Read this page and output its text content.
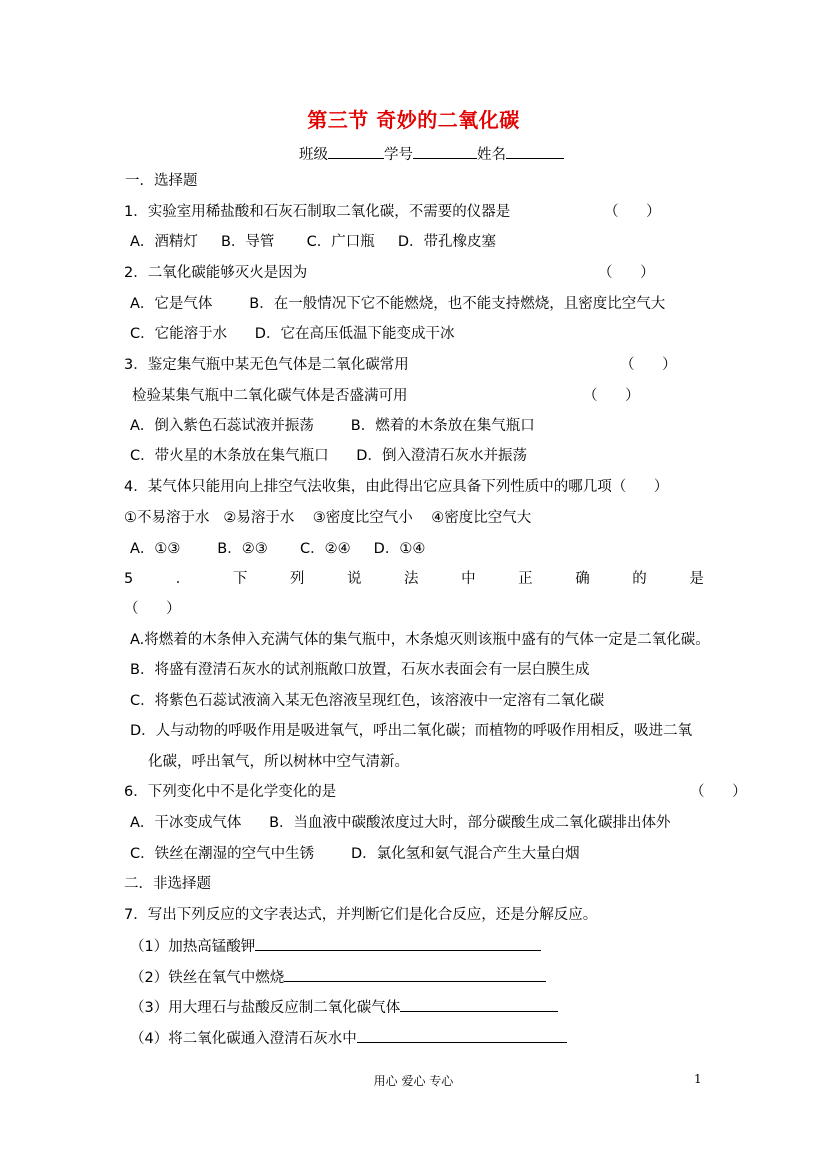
第三节 奇妙的二氧化碳
班级	学号	姓名
一．选择题
1．实验室用稀盐酸和石灰石制取二氧化碳，不需要的仪器是	（      ）
A．酒精灯     B．导管       C．广口瓶     D．带孔橡皮塞
2．二氧化碳能够灭火是因为	（      ）
A．它是气体        B．在一般情况下它不能燃烧，也不能支持燃烧，且密度比空气大
C．它能溶于水      D．它在高压低温下能变成干冰
3．鉴定集气瓶中某无色气体是二氧化碳常用	（      ）
检验某集气瓶中二氧化碳气体是否盛满可用	（      ）
A．倒入紫色石蕊试液并振荡        B．燃着的木条放在集气瓶口
C．带火星的木条放在集气瓶口      D．倒入澄清石灰水并振荡
4．某气体只能用向上排空气法收集，由此得出它应具备下列性质中的哪几项（      ）
①不易溶于水   ②易溶于水    ③密度比空气小    ④密度比空气大
A．①③        B．②③       C．②④     D．①④
5	．	下	列	说	法	中	正	确	的	是
（      ）
A.将燃着的木条伸入充满气体的集气瓶中，木条熄灭则该瓶中盛有的气体一定是二氧化碳。
B．将盛有澄清石灰水的试剂瓶敞口放置，石灰水表面会有一层白膜生成
C．将紫色石蕊试液滴入某无色溶液呈现红色，该溶液中一定溶有二氧化碳
D．人与动物的呼吸作用是吸进氧气，呼出二氧化碳；而植物的呼吸作用相反，吸进二氧
化碳，呼出氧气，所以树林中空气清新。
6．下列变化中不是化学变化的是	（      ）
A．干冰变成气体      B．当血液中碳酸浓度过大时，部分碳酸生成二氧化碳排出体外
C．铁丝在潮湿的空气中生锈        D．氯化氢和氨气混合产生大量白烟
二．非选择题
7．写出下列反应的文字表达式，并判断它们是化合反应，还是分解反应。
（1）加热高锰酸钾
（2）铁丝在氧气中燃烧
（3）用大理石与盐酸反应制二氧化碳气体
（4）将二氧化碳通入澄清石灰水中
用心 爱心 专心	1
